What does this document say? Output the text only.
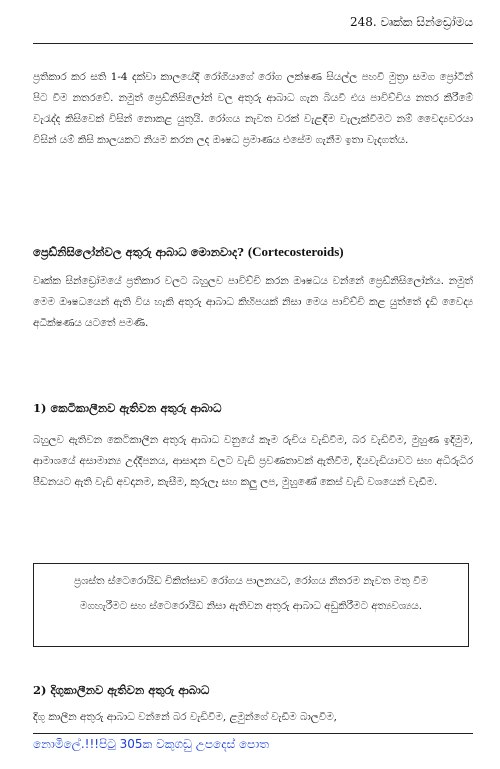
248. වෘක්ක සින්ඩ්‍රෝමය

ප්‍රතිකාර කර සති 1-4 දක්වා කාලයේදී රෝගියාගේ රෝග ලක්ෂණ සියල්ල පහවී මුත්‍රා සමග ප්‍රෝටීන් පිට වීම නතරවේ. නමුත් ප්‍රෙඩ්නිසිලෝන් වල අතුරු ආබාධ ගැන බියවී එය පාවිච්චිය නතර කිරීමේ වැරැද්ද කිසිවෙක් විසින් නොකළ යුතුයි. රෝගය නැවත වරක් වැළඳීම වැලැක්වීමට නම් වෛද්‍යවරයා විසින් යම් කිසි කාලයකට නියම කරන ලද ඖෂධ ප්‍රමාණය එසේම ගැනීම ඉතා වැදගත්ය.

ප්‍රෙඩ්නිසිලෝන්වල අතුරු ආබාධ මොනවාද? (Cortecosteroids)

වෘක්ක සින්ඩ්‍රෝමයේ ප්‍රතිකාර වලට බහුලව පාවිච්චි කරන ඖෂධය වන්නේ ප්‍රෙඩ්නිසිලෝන්ය. නමුත් මෙම ඖෂධයෙන් ඇති විය හැකි අතුරු ආබාධ කිහිපයක් නිසා මෙය පාවිච්චි කළ යුත්තේ දැඩි වෛද්‍ය අධීක්ෂණය යටතේ පමණි.

1) කෙටිකාලීනව ඇතිවන අතුරු ආබාධ

බහුලව ඇතිවන කෙටිකාලීන අතුරු ආබාධ වනුයේ කෑම රුචිය වැඩිවීම, බර වැඩිවීම, මුහුණ ඉදිමුම, ආමාශයේ අසාමාන්‍ය උද්දීපනය, ආසාදන වලට වැඩි ප්‍රවණතාවක් ඇතිවීම, දියවැඩියාවට සහ අධිරුධිර පීඩනයට ඇති වැඩි අවදානම, කැසීම, කුරුලෑ සහ කලු ලප, මුහුණේ කෙස් වැඩි වශයෙන් වැඩීම.

ප්‍රශස්ත ස්ටෙරොයිඩ චිකිත්සාව රෝගය පාලනයට, රෝගය නිතරම නැවත මතු වීම මගහැරීමට සහ ස්ටෙරොයිඩ නිසා ඇතිවන අතුරු ආබාධ අඩුකිරීමට අත්‍යවශ්‍යය.

2) දිගුකාලීනව ඇතිවන අතුරු ආබාධ

දිගු කාලීන අතුරු ආබාධ වන්නේ බර වැඩිවීම, ළමුන්ගේ වැඩීම බාලවීම,

නොමිලේ.!!!පිටු 305ක වකුගඩු උපදෙස් පොත
